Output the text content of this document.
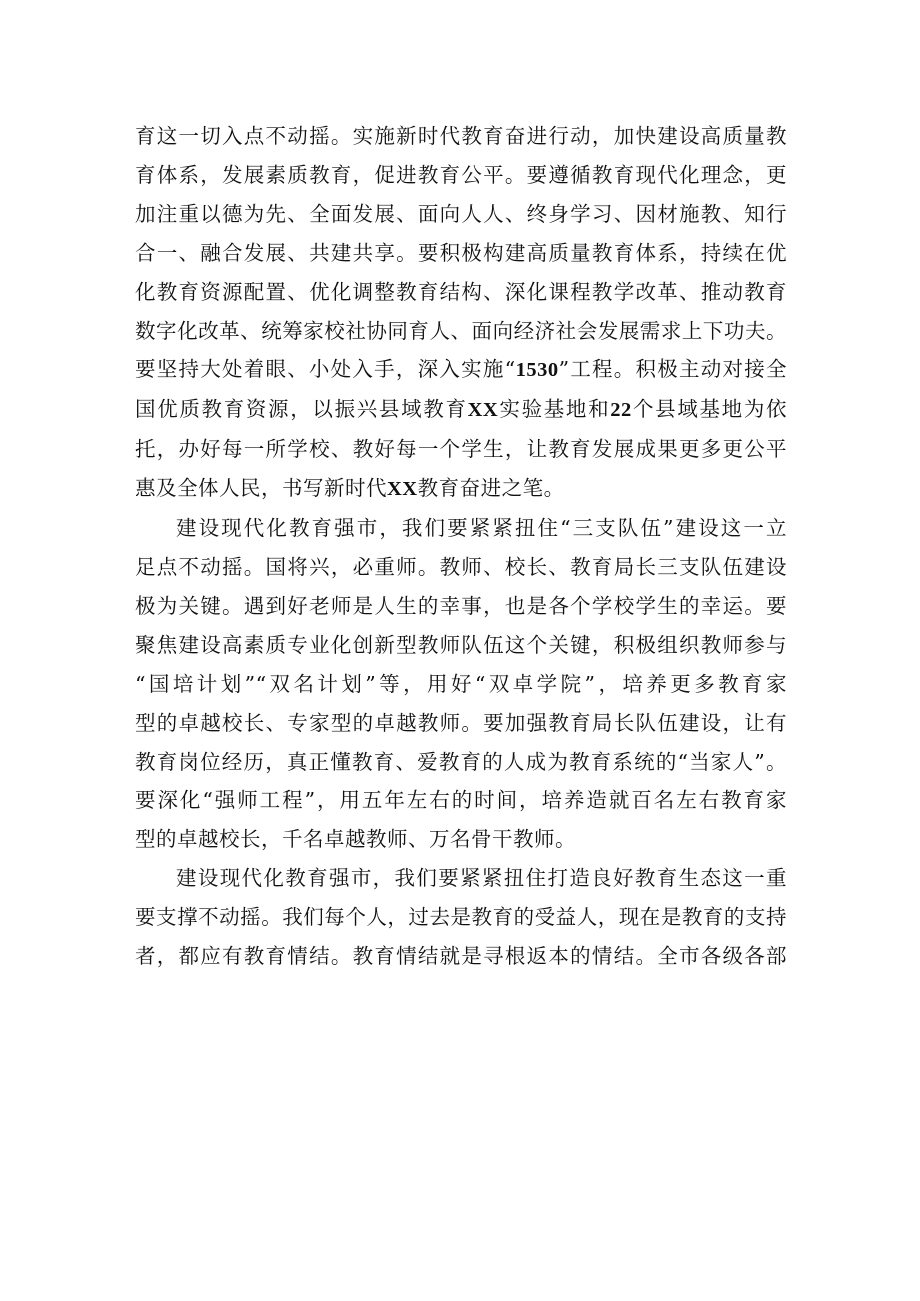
育这一切入点不动摇。实施新时代教育奋进行动，加快建设高质量教
育体系，发展素质教育，促进教育公平。要遵循教育现代化理念，更
加注重以德为先、全面发展、面向人人、终身学习、因材施教、知行
合一、融合发展、共建共享。要积极构建高质量教育体系，持续在优
化教育资源配置、优化调整教育结构、深化课程教学改革、推动教育
数字化改革、统筹家校社协同育人、面向经济社会发展需求上下功夫。
要坚持大处着眼、小处入手，深入实施“1530”工程。积极主动对接全
国优质教育资源，以振兴县域教育XX实验基地和22个县域基地为依
托，办好每一所学校、教好每一个学生，让教育发展成果更多更公平
惠及全体人民，书写新时代XX教育奋进之笔。

建设现代化教育强市，我们要紧紧扭住“三支队伍”建设这一立
足点不动摇。国将兴，必重师。教师、校长、教育局长三支队伍建设
极为关键。遇到好老师是人生的幸事，也是各个学校学生的幸运。要
聚焦建设高素质专业化创新型教师队伍这个关键，积极组织教师参与
“国培计划”“双名计划”等，用好“双卓学院”，培养更多教育家
型的卓越校长、专家型的卓越教师。要加强教育局长队伍建设，让有
教育岗位经历，真正懂教育、爱教育的人成为教育系统的“当家人”。
要深化“强师工程”，用五年左右的时间，培养造就百名左右教育家
型的卓越校长，千名卓越教师、万名骨干教师。

建设现代化教育强市，我们要紧紧扭住打造良好教育生态这一重
要支撑不动摇。我们每个人，过去是教育的受益人，现在是教育的支持
者，都应有教育情结。教育情结就是寻根返本的情结。全市各级各部
